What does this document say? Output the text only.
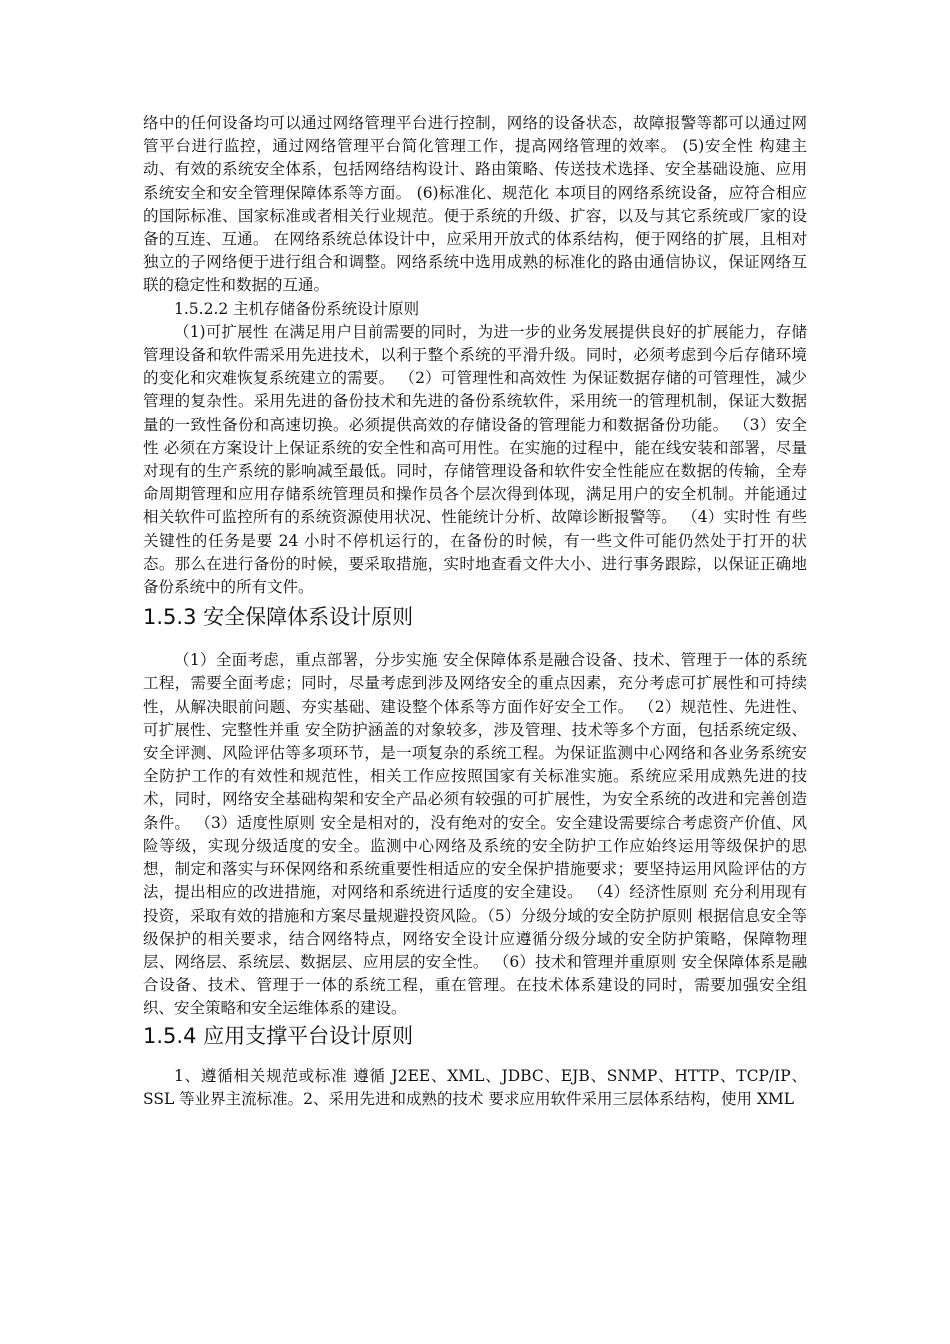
络中的任何设备均可以通过网络管理平台进行控制，网络的设备状态，故障报警等都可以通过网管平台进行监控，通过网络管理平台简化管理工作，提高网络管理的效率。 (5)安全性 构建主动、有效的系统安全体系，包括网络结构设计、路由策略、传送技术选择、安全基础设施、应用系统安全和安全管理保障体系等方面。 (6)标准化、规范化 本项目的网络系统设备，应符合相应的国际标准、国家标准或者相关行业规范。便于系统的升级、扩容，以及与其它系统或厂家的设备的互连、互通。 在网络系统总体设计中，应采用开放式的体系结构，便于网络的扩展，且相对独立的子网络便于进行组合和调整。网络系统中选用成熟的标准化的路由通信协议，保证网络互联的稳定性和数据的互通。

1.5.2.2 主机存储备份系统设计原则

（1)可扩展性 在满足用户目前需要的同时，为进一步的业务发展提供良好的扩展能力，存储管理设备和软件需采用先进技术，以利于整个系统的平滑升级。同时，必须考虑到今后存储环境的变化和灾难恢复系统建立的需要。 （2）可管理性和高效性 为保证数据存储的可管理性，减少管理的复杂性。采用先进的备份技术和先进的备份系统软件，采用统一的管理机制，保证大数据量的一致性备份和高速切换。必须提供高效的存储设备的管理能力和数据备份功能。 （3）安全性 必须在方案设计上保证系统的安全性和高可用性。在实施的过程中，能在线安装和部署，尽量对现有的生产系统的影响减至最低。同时，存储管理设备和软件安全性能应在数据的传输，全寿命周期管理和应用存储系统管理员和操作员各个层次得到体现，满足用户的安全机制。并能通过相关软件可监控所有的系统资源使用状况、性能统计分析、故障诊断报警等。 （4）实时性 有些关键性的任务是要 24 小时不停机运行的，在备份的时候，有一些文件可能仍然处于打开的状态。那么在进行备份的时候，要采取措施，实时地查看文件大小、进行事务跟踪，以保证正确地备份系统中的所有文件。

1.5.3 安全保障体系设计原则

（1）全面考虑，重点部署，分步实施 安全保障体系是融合设备、技术、管理于一体的系统工程，需要全面考虑；同时，尽量考虑到涉及网络安全的重点因素，充分考虑可扩展性和可持续性，从解决眼前问题、夯实基础、建设整个体系等方面作好安全工作。 （2）规范性、先进性、可扩展性、完整性并重 安全防护涵盖的对象较多，涉及管理、技术等多个方面，包括系统定级、安全评测、风险评估等多项环节，是一项复杂的系统工程。为保证监测中心网络和各业务系统安全防护工作的有效性和规范性，相关工作应按照国家有关标准实施。系统应采用成熟先进的技术，同时，网络安全基础构架和安全产品必须有较强的可扩展性，为安全系统的改进和完善创造条件。 （3）适度性原则 安全是相对的，没有绝对的安全。安全建设需要综合考虑资产价值、风险等级，实现分级适度的安全。监测中心网络及系统的安全防护工作应始终运用等级保护的思想，制定和落实与环保网络和系统重要性相适应的安全保护措施要求；要坚持运用风险评估的方法，提出相应的改进措施，对网络和系统进行适度的安全建设。 （4）经济性原则 充分利用现有投资，采取有效的措施和方案尽量规避投资风险。（5）分级分域的安全防护原则 根据信息安全等级保护的相关要求，结合网络特点，网络安全设计应遵循分级分域的安全防护策略，保障物理层、网络层、系统层、数据层、应用层的安全性。 （6）技术和管理并重原则 安全保障体系是融合设备、技术、管理于一体的系统工程，重在管理。在技术体系建设的同时，需要加强安全组织、安全策略和安全运维体系的建设。

1.5.4 应用支撑平台设计原则

1、遵循相关规范或标准 遵循 J2EE、XML、JDBC、EJB、SNMP、HTTP、TCP/IP、SSL 等业界主流标准。2、采用先进和成熟的技术 要求应用软件采用三层体系结构，使用 XML
